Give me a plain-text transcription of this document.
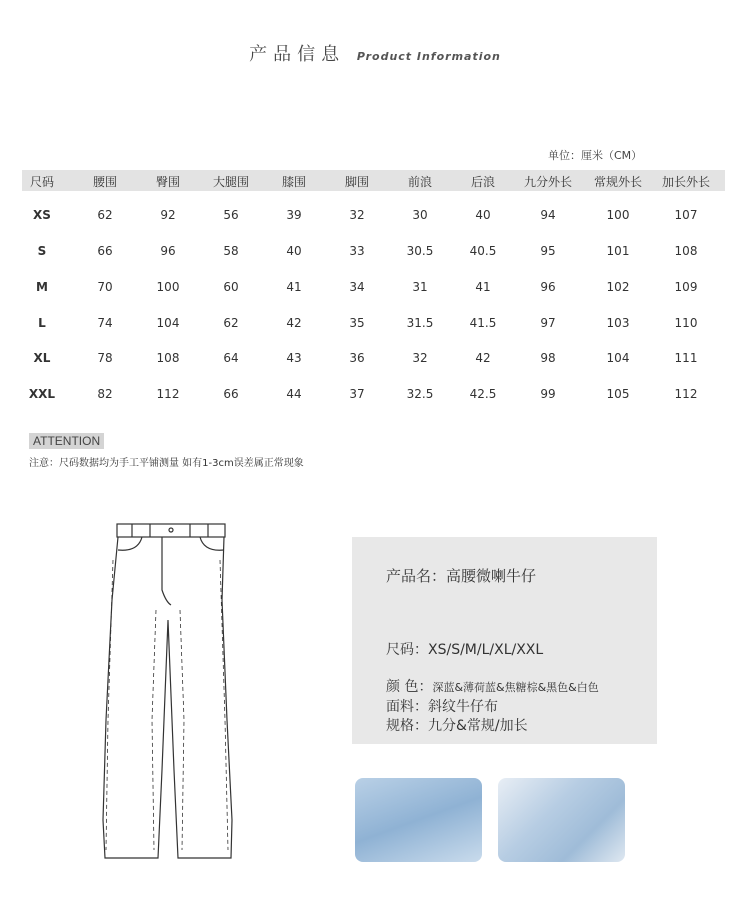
产品信息 Product Information
单位：厘米（CM）
尺码	腰围	臀围	大腿围	膝围	脚围	前浪	后浪	九分外长	常规外长	加长外长
XS	62	92	56	39	32	30	40	94	100	107
S	66	96	58	40	33	30.5	40.5	95	101	108
M	70	100	60	41	34	31	41	96	102	109
L	74	104	62	42	35	31.5	41.5	97	103	110
XL	78	108	64	43	36	32	42	98	104	111
XXL	82	112	66	44	37	32.5	42.5	99	105	112
ATTENTION
注意：尺码数据均为手工平铺测量 如有1-3cm误差属正常现象
产品名：高腰微喇牛仔
尺码：XS/S/M/L/XL/XXL
颜 色：深蓝&薄荷蓝&焦糖棕&黑色&白色
面料：斜纹牛仔布
规格：九分&常规/加长
